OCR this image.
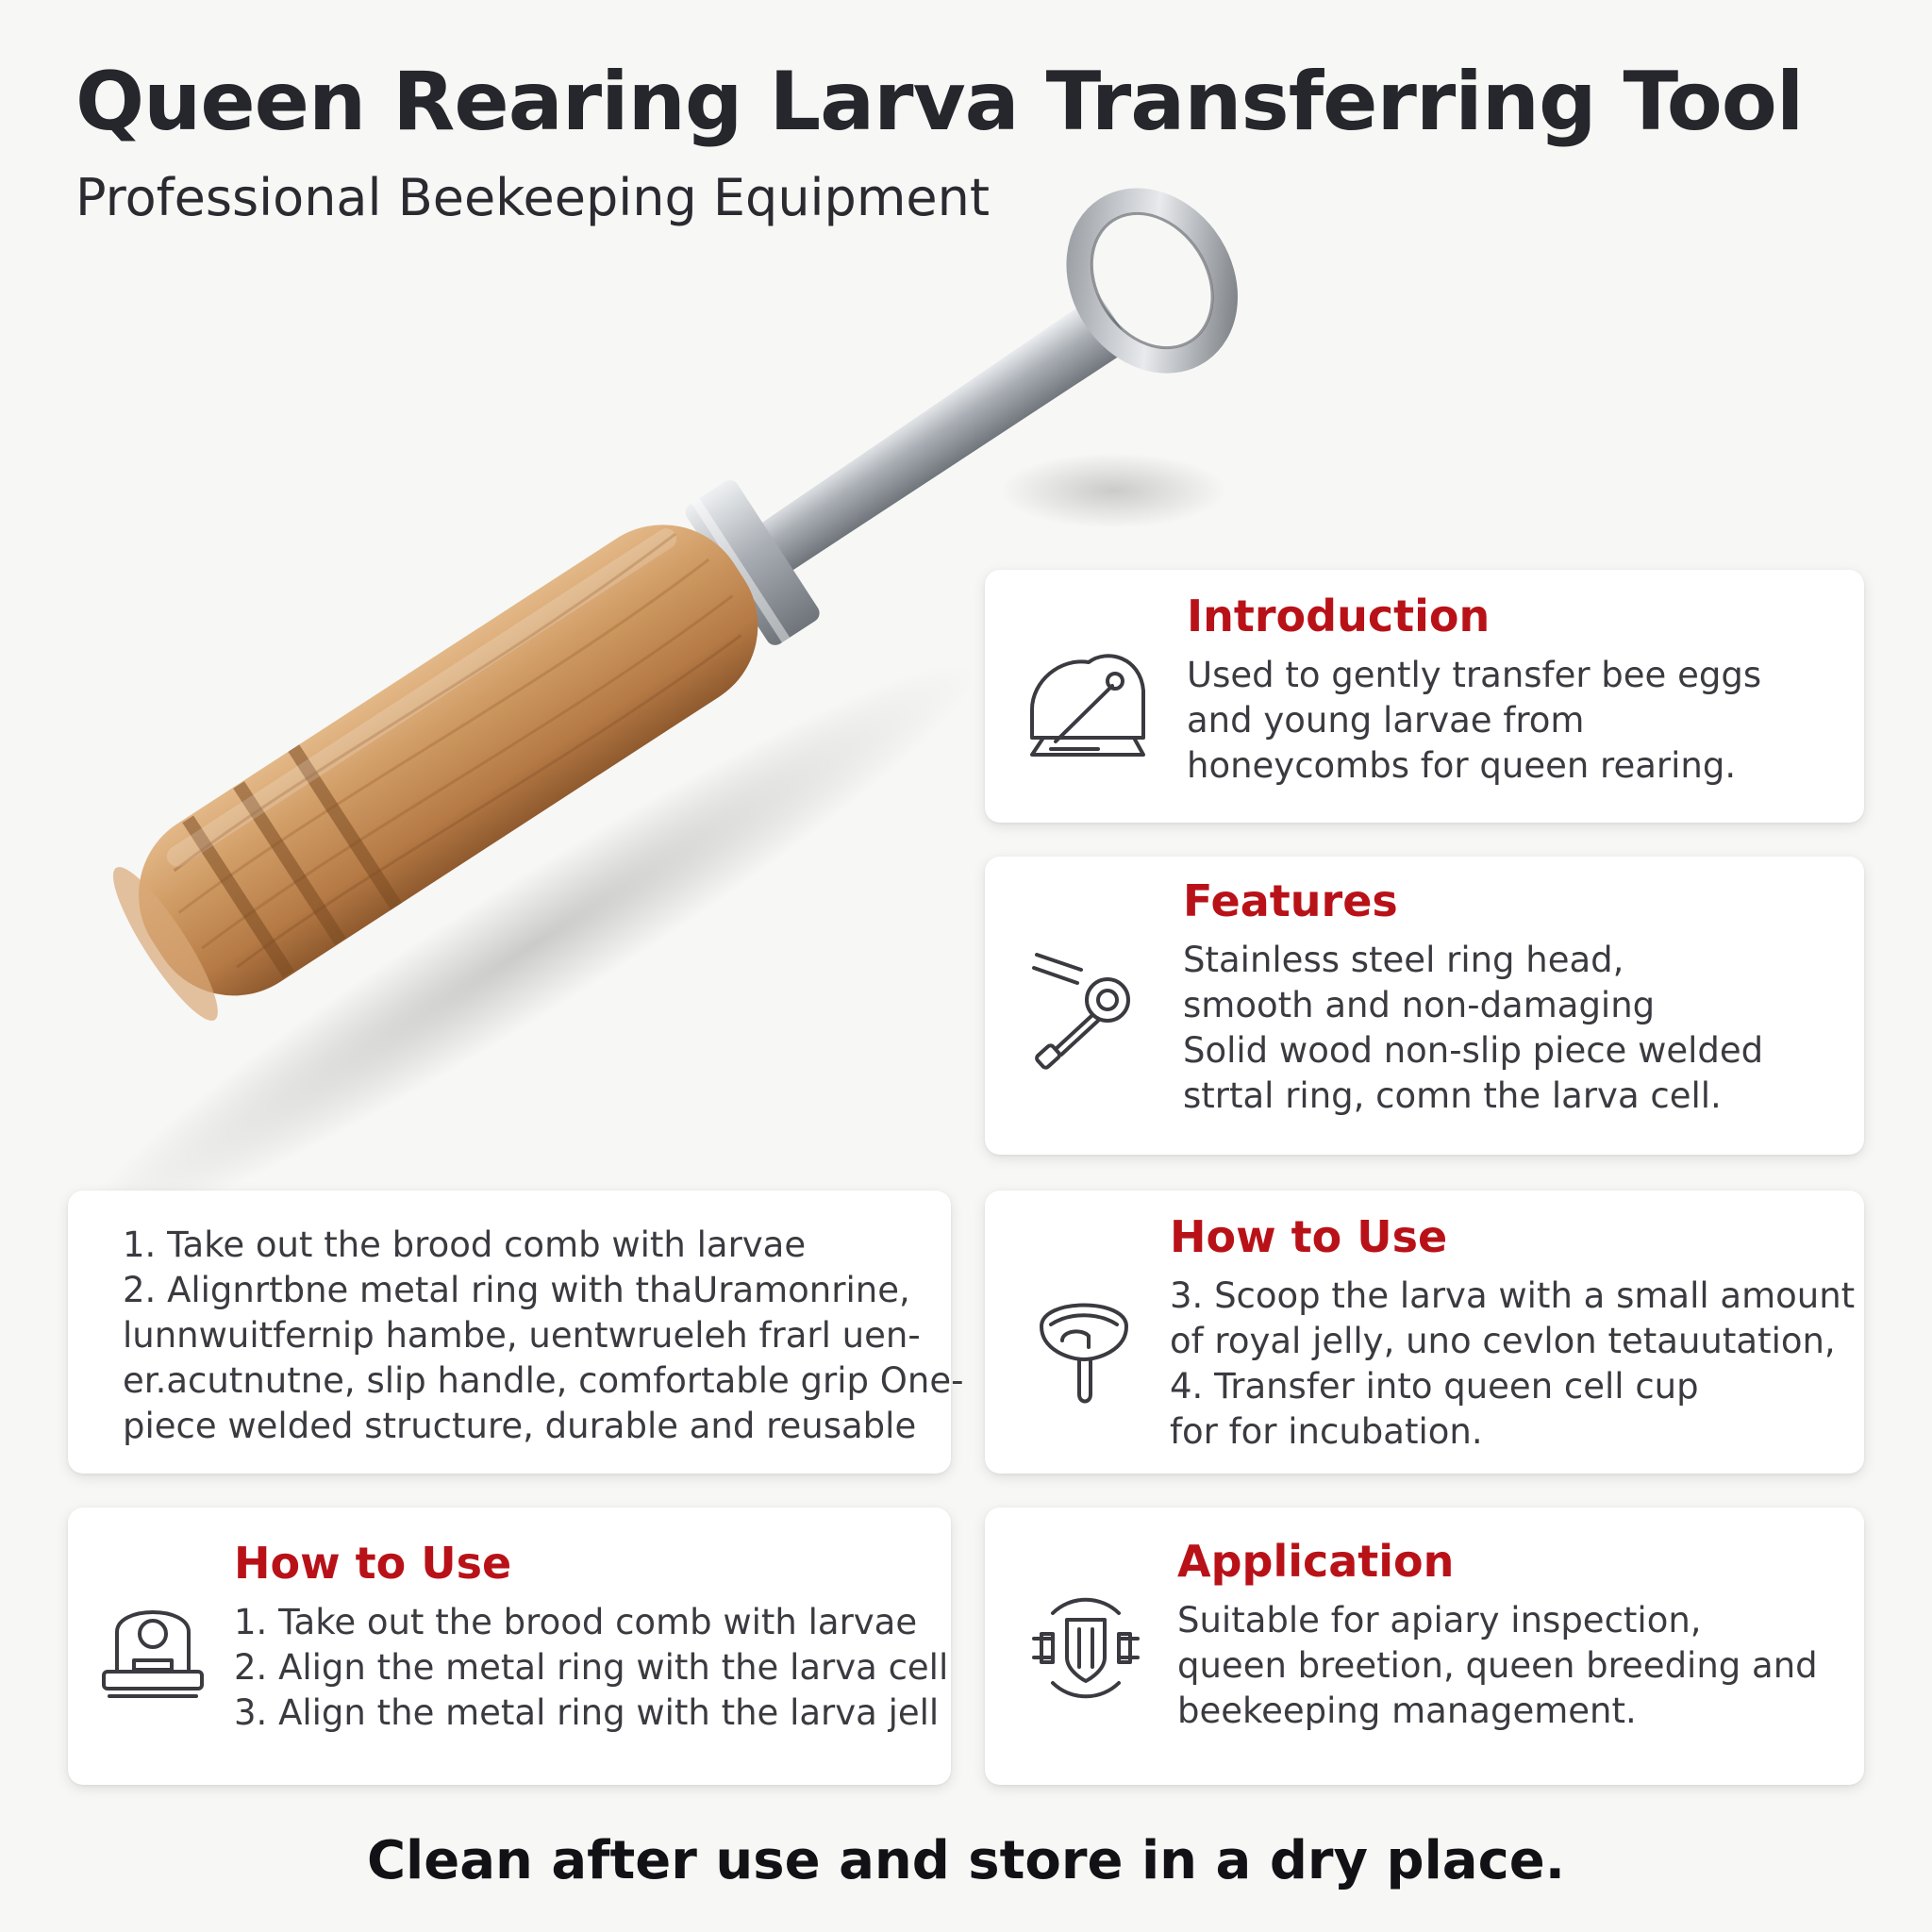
Queen Rearing Larva Transferring Tool

Professional Beekeeping Equipment

Introduction
Used to gently transfer bee eggs
and young larvae from
honeycombs for queen rearing.
Features
Stainless steel ring head,
smooth and non-damaging
Solid wood non-slip piece welded
strtal ring, comn the larva cell.
1. Take out the brood comb with larvae
2. Alignrtbne metal ring with thaUramonrine,
lunnwuitfernip hambe, uentwrueleh frarl uen-
er.acutnutne, slip handle, comfortable grip One-
piece welded structure, durable and reusable
How to Use
3. Scoop the larva with a small amount
of royal jelly, uno cevlon tetauutation,
4. Transfer into queen cell cup
for for incubation.
How to Use
1. Take out the brood comb with larvae
2. Align the metal ring with the larva cell
3. Align the metal ring with the larva jell
Application
Suitable for apiary inspection,
queen breetion, queen breeding and
beekeeping management.

Clean after use and store in a dry place.
